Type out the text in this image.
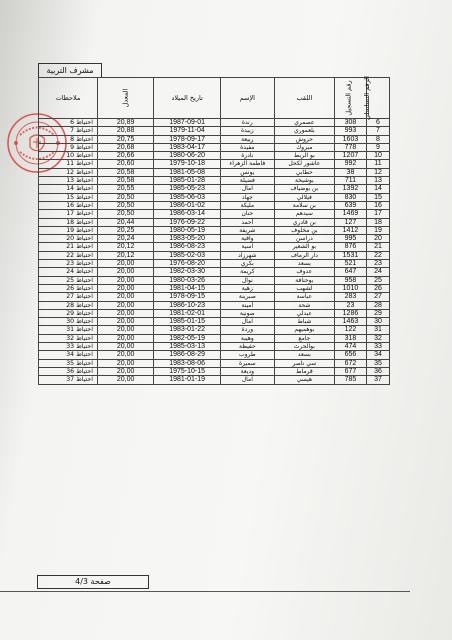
مشرف التربية
الرقم التسلسلي	رقم التسجيل	اللقب	الإسم	تاريخ الميلاد	المعدل	ملاحظات
6	308	عصمري	رندة	1987-09-01	20,89	احتياط 6
7	993	بلعموري	زبيدة	1979-11-04	20,88	احتياط 7
8	1603	حروش	ربيعة	1978-09-17	20,75	احتياط 8
9	778	مبروك	مفيدة	1983-04-17	20,68	احتياط 9
10	1207	بو الربط	نادرة	1980-06-20	20,66	احتياط 10
11	992	عاشور لكحل	فاطمة الزهراء	1979-10-18	20,60	احتياط 11
12	38	حطابي	يونس	1981-05-08	20,58	احتياط 12
13	711	بوشيخة	فضيلة	1985-01-28	20,58	احتياط 13
14	1392	بن بوضياف	آمال	1985-05-23	20,55	احتياط 14
15	830	فيلالي	جهاد	1985-06-03	20,50	احتياط 15
16	639	بن سلامة	مليكة	1986-01-02	20,50	احتياط 16
17	1469	سيدهم	حنان	1986-03-14	20,50	احتياط 17
18	127	بن قادري	أحمد	1976-09-22	20,44	احتياط 18
19	1412	بن مخلوف	شريفة	1980-05-19	20,25	احتياط 19
20	995	دراسن	وافية	1983-05-20	20,24	احتياط 20
21	876	بو الشعير	آسية	1986-08-23	20,12	احتياط 21
22	1531	دار الرماف	شهرزاد	1985-02-03	20,12	احتياط 22
23	521	بسعد	بكري	1976-08-20	20,00	احتياط 23
24	647	عدوف	كريمة	1982-03-30	20,00	احتياط 24
25	958	بوحنافة	نوال	1980-03-26	20,00	احتياط 25
26	1010	لشهب	زهية	1981-04-15	20,00	احتياط 26
27	283	عباسة	صبرينة	1978-09-15	20,00	احتياط 27
28	23	شحة	أمينة	1986-10-23	20,00	احتياط 28
29	1286	عبدلي	صونية	1981-02-01	20,00	احتياط 29
30	1463	شباط	آمال	1985-01-15	20,00	احتياط 30
31	122	بوهميهم	وردة	1983-01-22	20,00	احتياط 31
32	318	جامع	وهيبة	1982-05-19	20,00	احتياط 32
33	474	بوالحرث	حفيظة	1985-03-13	20,00	احتياط 33
34	656	بسعد	طروب	1986-08-29	20,00	احتياط 34
35	672	سي ناصر	سميرة	1983-08-06	20,00	احتياط 35
36	677	قرماط	وديعة	1975-10-15	20,00	احتياط 36
37	785	هيسي	آمال	1981-01-19	20,00	احتياط 37
صفحة 4/3
